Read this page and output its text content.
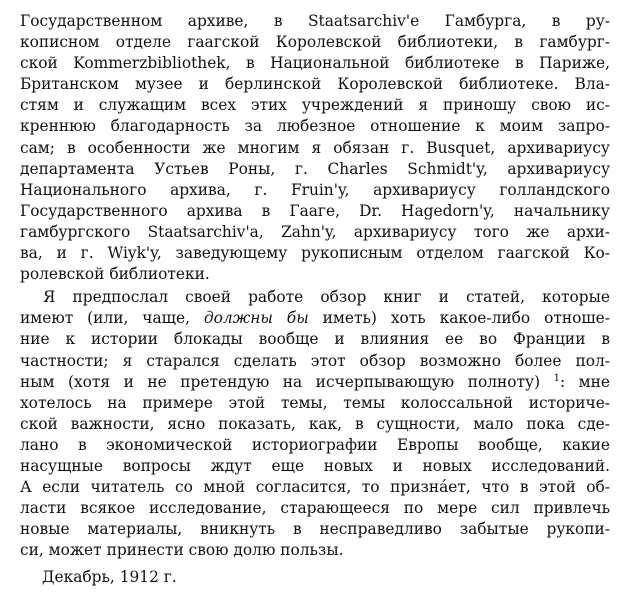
Государственном архиве, в Staatsarchiv'e Гамбурга, в ру-
кописном отделе гаагской Королевской библиотеки, в гамбург-
ской Kommerzbibliothek, в Национальной библиотеке в Париже,
Британском музее и берлинской Королевской библиотеке. Вла-
стям и служащим всех этих учреждений я приношу свою ис-
креннюю благодарность за любезное отношение к моим запро-
сам; в особенности же многим я обязан г. Busquet, архивариусу
департамента Устьев Роны, г. Charles Schmidt'y, архивариусу
Национального архива, г. Fruin'y, архивариусу голландского
Государственного архива в Гааге, Dr. Hagedorn'y, начальнику
гамбургского Staatsarchiv'a, Zahn'y, архивариусу того же архи-
ва, и г. Wiyk'y, заведующему рукописным отделом гаагской Ко-
ролевской библиотеки.
Я предпослал своей работе обзор книг и статей, которые
имеют (или, чаще, должны бы иметь) хоть какое-либо отноше-
ние к истории блокады вообще и влияния ее во Франции в
частности; я старался сделать этот обзор возможно более пол-
ным (хотя и не претендую на исчерпывающую полноту) $^1$: мне
хотелось на примере этой темы, темы колоссальной историче-
ской важности, ясно показать, как, в сущности, мало пока сде-
лано в экономической историографии Европы вообще, какие
насущные вопросы ждут еще новых и новых исследований.
А если читатель со мной согласится, то признáет, что в этой об-
ласти всякое исследование, старающееся по мере сил привлечь
новые материалы, вникнуть в несправедливо забытые рукопи-
си, может принести свою долю пользы.
Декабрь, 1912 г.
